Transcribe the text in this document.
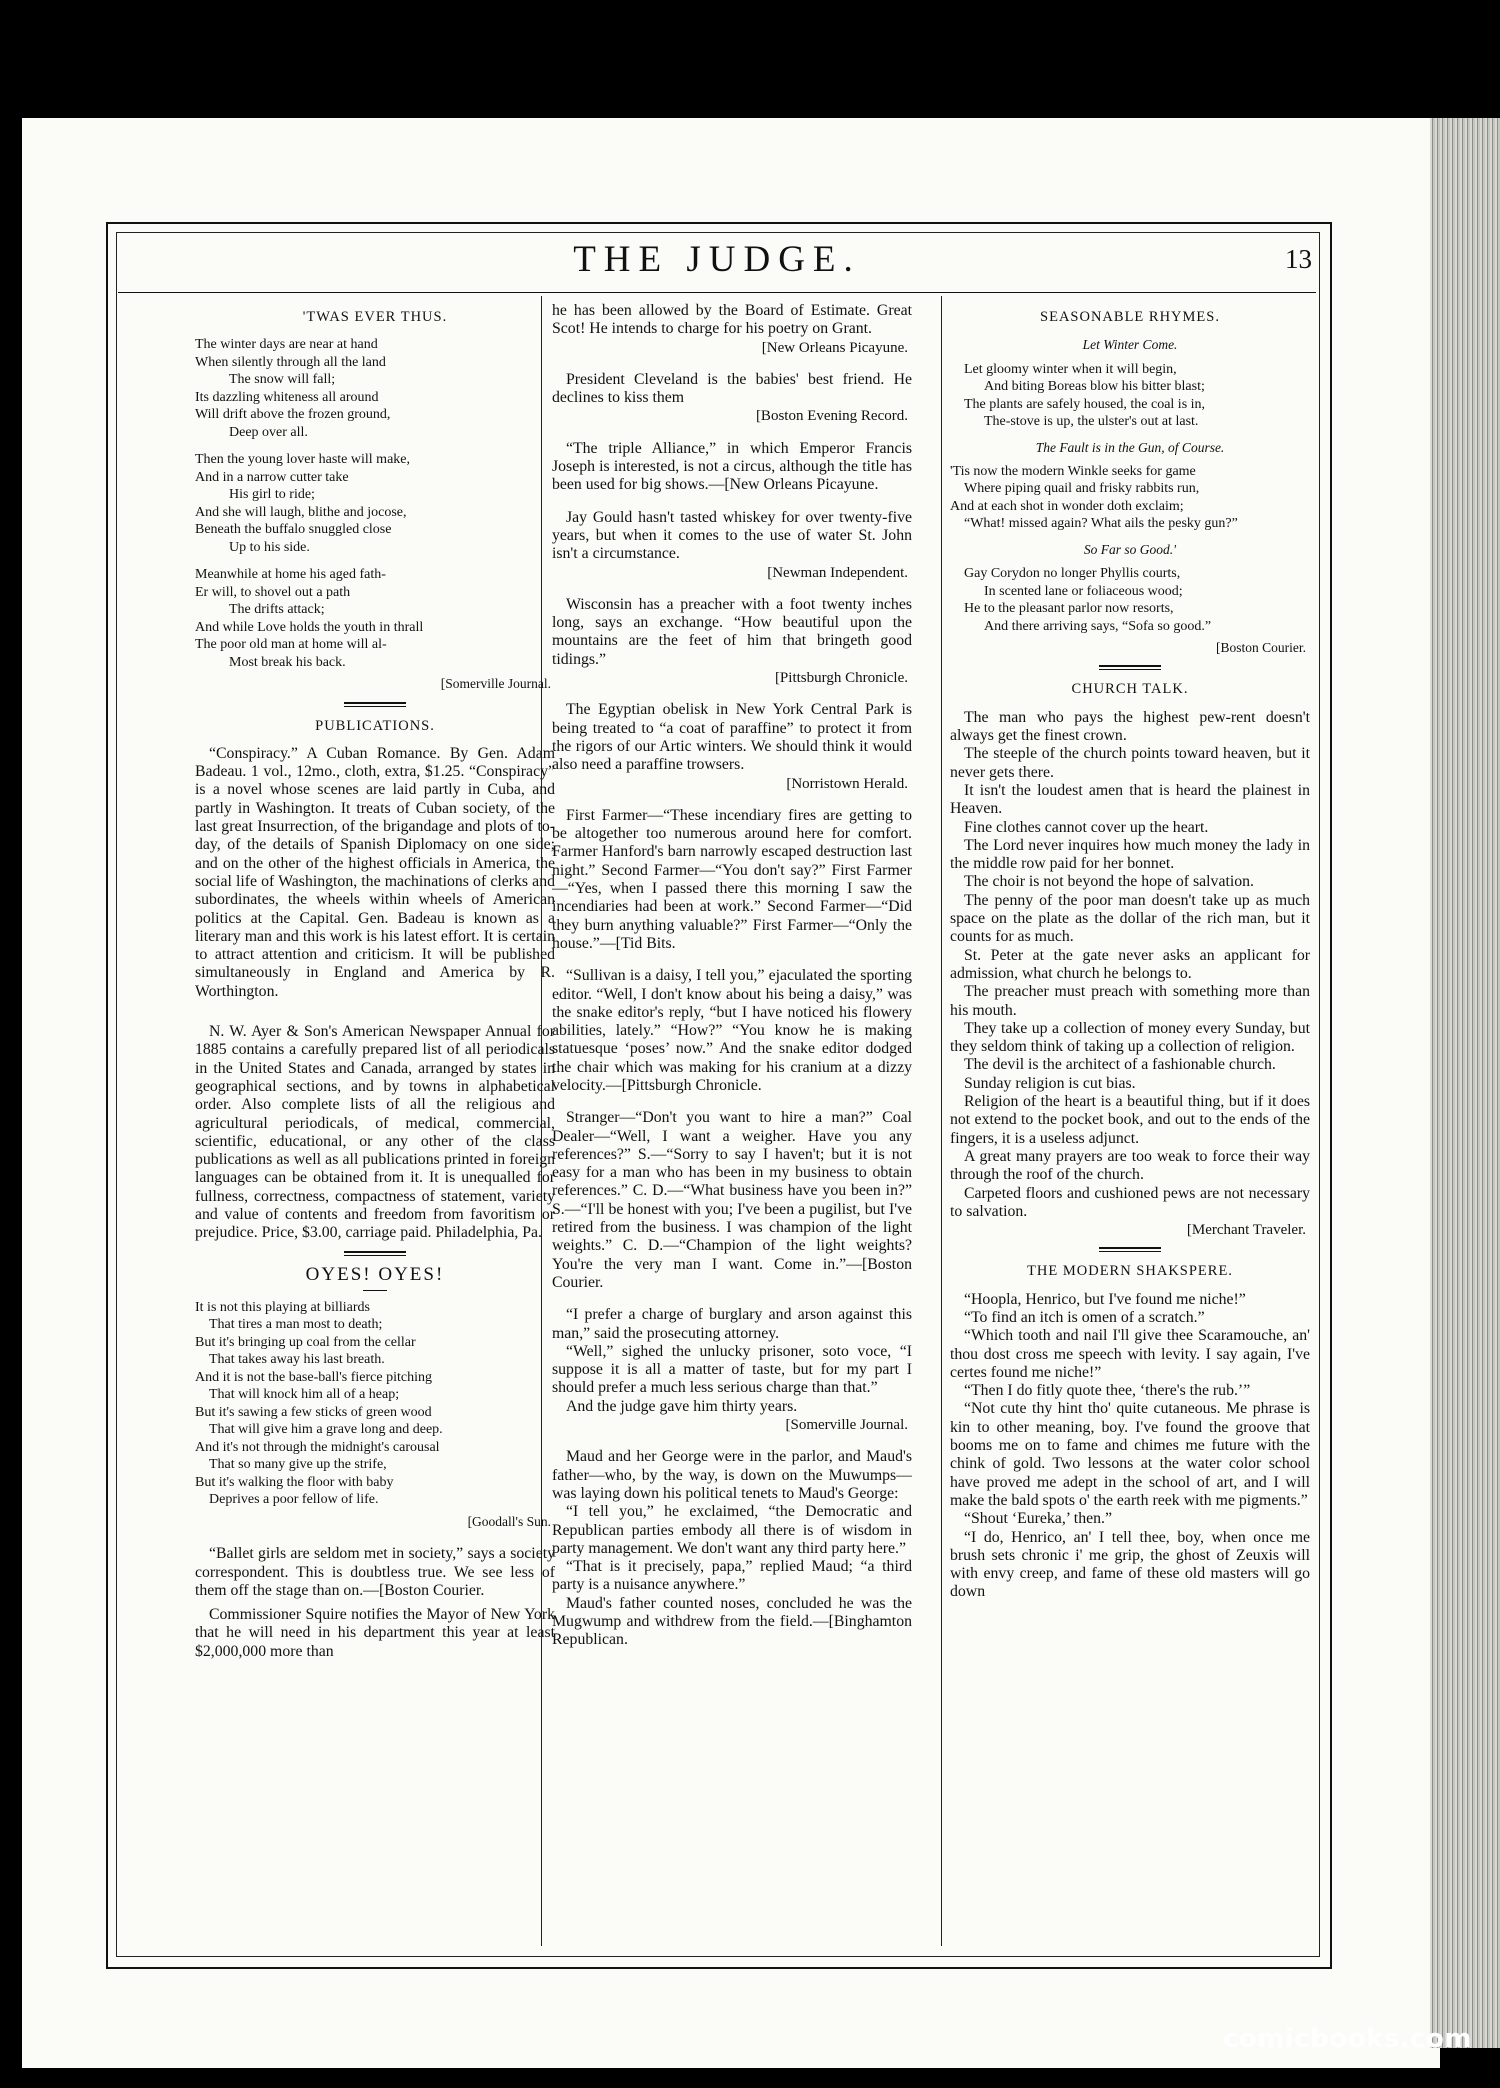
THE JUDGE.	13
'TWAS EVER THUS.
The winter days are near at hand
When silently through all the land
The snow will fall;
Its dazzling whiteness all around
Will drift above the frozen ground,
Deep over all.
Then the young lover haste will make,
And in a narrow cutter take
His girl to ride;
And she will laugh, blithe and jocose,
Beneath the buffalo snuggled close
Up to his side.
Meanwhile at home his aged fath-
Er will, to shovel out a path
The drifts attack;
And while Love holds the youth in thrall
The poor old man at home will al-
Most break his back.
[Somerville Journal.
PUBLICATIONS.

“Conspiracy.” A Cuban Romance. By Gen. Adam Badeau. 1 vol., 12mo., cloth, extra, $1.25. “Conspiracy” is a novel whose scenes are laid partly in Cuba, and partly in Washington. It treats of Cuban society, of the last great Insurrection, of the brigandage and plots of to-day, of the details of Spanish Diplomacy on one side; and on the other of the highest officials in America, the social life of Washington, the machinations of clerks and subordinates, the wheels within wheels of American politics at the Capital. Gen. Badeau is known as a literary man and this work is his latest effort. It is certain to attract attention and criticism. It will be published simultaneously in England and America by R. Worthington.

N. W. Ayer & Son's American Newspaper Annual for 1885 contains a carefully prepared list of all periodicals in the United States and Canada, arranged by states in geographical sections, and by towns in alphabetical order. Also complete lists of all the religious and agricultural periodicals, of medical, commercial, scientific, educational, or any other of the class publications as well as all publications printed in foreign languages can be obtained from it. It is unequalled for fullness, correctness, compactness of statement, variety and value of contents and freedom from favoritism or prejudice. Price, $3.00, carriage paid. Philadelphia, Pa.

OYES! OYES!
It is not this playing at billiards
That tires a man most to death;
But it's bringing up coal from the cellar
That takes away his last breath.
And it is not the base-ball's fierce pitching
That will knock him all of a heap;
But it's sawing a few sticks of green wood
That will give him a grave long and deep.
And it's not through the midnight's carousal
That so many give up the strife,
But it's walking the floor with baby
Deprives a poor fellow of life.
[Goodall's Sun.

“Ballet girls are seldom met in society,” says a society correspondent. This is doubtless true. We see less of them off the stage than on.—[Boston Courier.

Commissioner Squire notifies the Mayor of New York that he will need in his department this year at least $2,000,000 more than

he has been allowed by the Board of Estimate. Great Scot! He intends to charge for his poetry on Grant.

[New Orleans Picayune.

President Cleveland is the babies' best friend. He declines to kiss them

[Boston Evening Record.

“The triple Alliance,” in which Emperor Francis Joseph is interested, is not a circus, although the title has been used for big shows.—[New Orleans Picayune.

Jay Gould hasn't tasted whiskey for over twenty-five years, but when it comes to the use of water St. John isn't a circumstance.

[Newman Independent.

Wisconsin has a preacher with a foot twenty inches long, says an exchange. “How beautiful upon the mountains are the feet of him that bringeth good tidings.”

[Pittsburgh Chronicle.

The Egyptian obelisk in New York Central Park is being treated to “a coat of paraffine” to protect it from the rigors of our Artic winters. We should think it would also need a paraffine trowsers.

[Norristown Herald.

First Farmer—“These incendiary fires are getting to be altogether too numerous around here for comfort. Farmer Hanford's barn narrowly escaped destruction last night.” Second Farmer—“You don't say?” First Farmer—“Yes, when I passed there this morning I saw the incendiaries had been at work.” Second Farmer—“Did they burn anything valuable?” First Farmer—“Only the house.”—[Tid Bits.

“Sullivan is a daisy, I tell you,” ejaculated the sporting editor. “Well, I don't know about his being a daisy,” was the snake editor's reply, “but I have noticed his flowery abilities, lately.” “How?” “You know he is making statuesque ‘poses’ now.” And the snake editor dodged the chair which was making for his cranium at a dizzy velocity.—[Pittsburgh Chronicle.

Stranger—“Don't you want to hire a man?” Coal Dealer—“Well, I want a weigher. Have you any references?” S.—“Sorry to say I haven't; but it is not easy for a man who has been in my business to obtain references.” C. D.—“What business have you been in?” S.—“I'll be honest with you; I've been a pugilist, but I've retired from the business. I was champion of the light weights.” C. D.—“Champion of the light weights? You're the very man I want. Come in.”—[Boston Courier.

“I prefer a charge of burglary and arson against this man,” said the prosecuting attorney.

“Well,” sighed the unlucky prisoner, soto voce, “I suppose it is all a matter of taste, but for my part I should prefer a much less serious charge than that.”

And the judge gave him thirty years.

[Somerville Journal.

Maud and her George were in the parlor, and Maud's father—who, by the way, is down on the Muwumps—was laying down his political tenets to Maud's George:

“I tell you,” he exclaimed, “the Democratic and Republican parties embody all there is of wisdom in party management. We don't want any third party here.”

“That is it precisely, papa,” replied Maud; “a third party is a nuisance anywhere.”

Maud's father counted noses, concluded he was the Mugwump and withdrew from the field.—[Binghamton Republican.

SEASONABLE RHYMES.
Let Winter Come.
Let gloomy winter when it will begin,
And biting Boreas blow his bitter blast;
The plants are safely housed, the coal is in,
The-stove is up, the ulster's out at last.
The Fault is in the Gun, of Course.
'Tis now the modern Winkle seeks for game
Where piping quail and frisky rabbits run,
And at each shot in wonder doth exclaim;
“What! missed again? What ails the pesky gun?”
So Far so Good.'
Gay Corydon no longer Phyllis courts,
In scented lane or foliaceous wood;
He to the pleasant parlor now resorts,
And there arriving says, “Sofa so good.”
[Boston Courier.
CHURCH TALK.

The man who pays the highest pew-rent doesn't always get the finest crown.

The steeple of the church points toward heaven, but it never gets there.

It isn't the loudest amen that is heard the plainest in Heaven.

Fine clothes cannot cover up the heart.

The Lord never inquires how much money the lady in the middle row paid for her bonnet.

The choir is not beyond the hope of salvation.

The penny of the poor man doesn't take up as much space on the plate as the dollar of the rich man, but it counts for as much.

St. Peter at the gate never asks an applicant for admission, what church he belongs to.

The preacher must preach with something more than his mouth.

They take up a collection of money every Sunday, but they seldom think of taking up a collection of religion.

The devil is the architect of a fashionable church.

Sunday religion is cut bias.

Religion of the heart is a beautiful thing, but if it does not extend to the pocket book, and out to the ends of the fingers, it is a useless adjunct.

A great many prayers are too weak to force their way through the roof of the church.

Carpeted floors and cushioned pews are not necessary to salvation.

[Merchant Traveler.
THE MODERN SHAKSPERE.

“Hoopla, Henrico, but I've found me niche!”

“To find an itch is omen of a scratch.”

“Which tooth and nail I'll give thee Scaramouche, an' thou dost cross me speech with levity. I say again, I've certes found me niche!”

“Then I do fitly quote thee, ‘there's the rub.’”

“Not cute thy hint tho' quite cutaneous. Me phrase is kin to other meaning, boy. I've found the groove that booms me on to fame and chimes me future with the chink of gold. Two lessons at the water color school have proved me adept in the school of art, and I will make the bald spots o' the earth reek with me pigments.”

“Shout ‘Eureka,’ then.”

“I do, Henrico, an' I tell thee, boy, when once me brush sets chronic i' me grip, the ghost of Zeuxis will with envy creep, and fame of these old masters will go down

comicbooks.com
